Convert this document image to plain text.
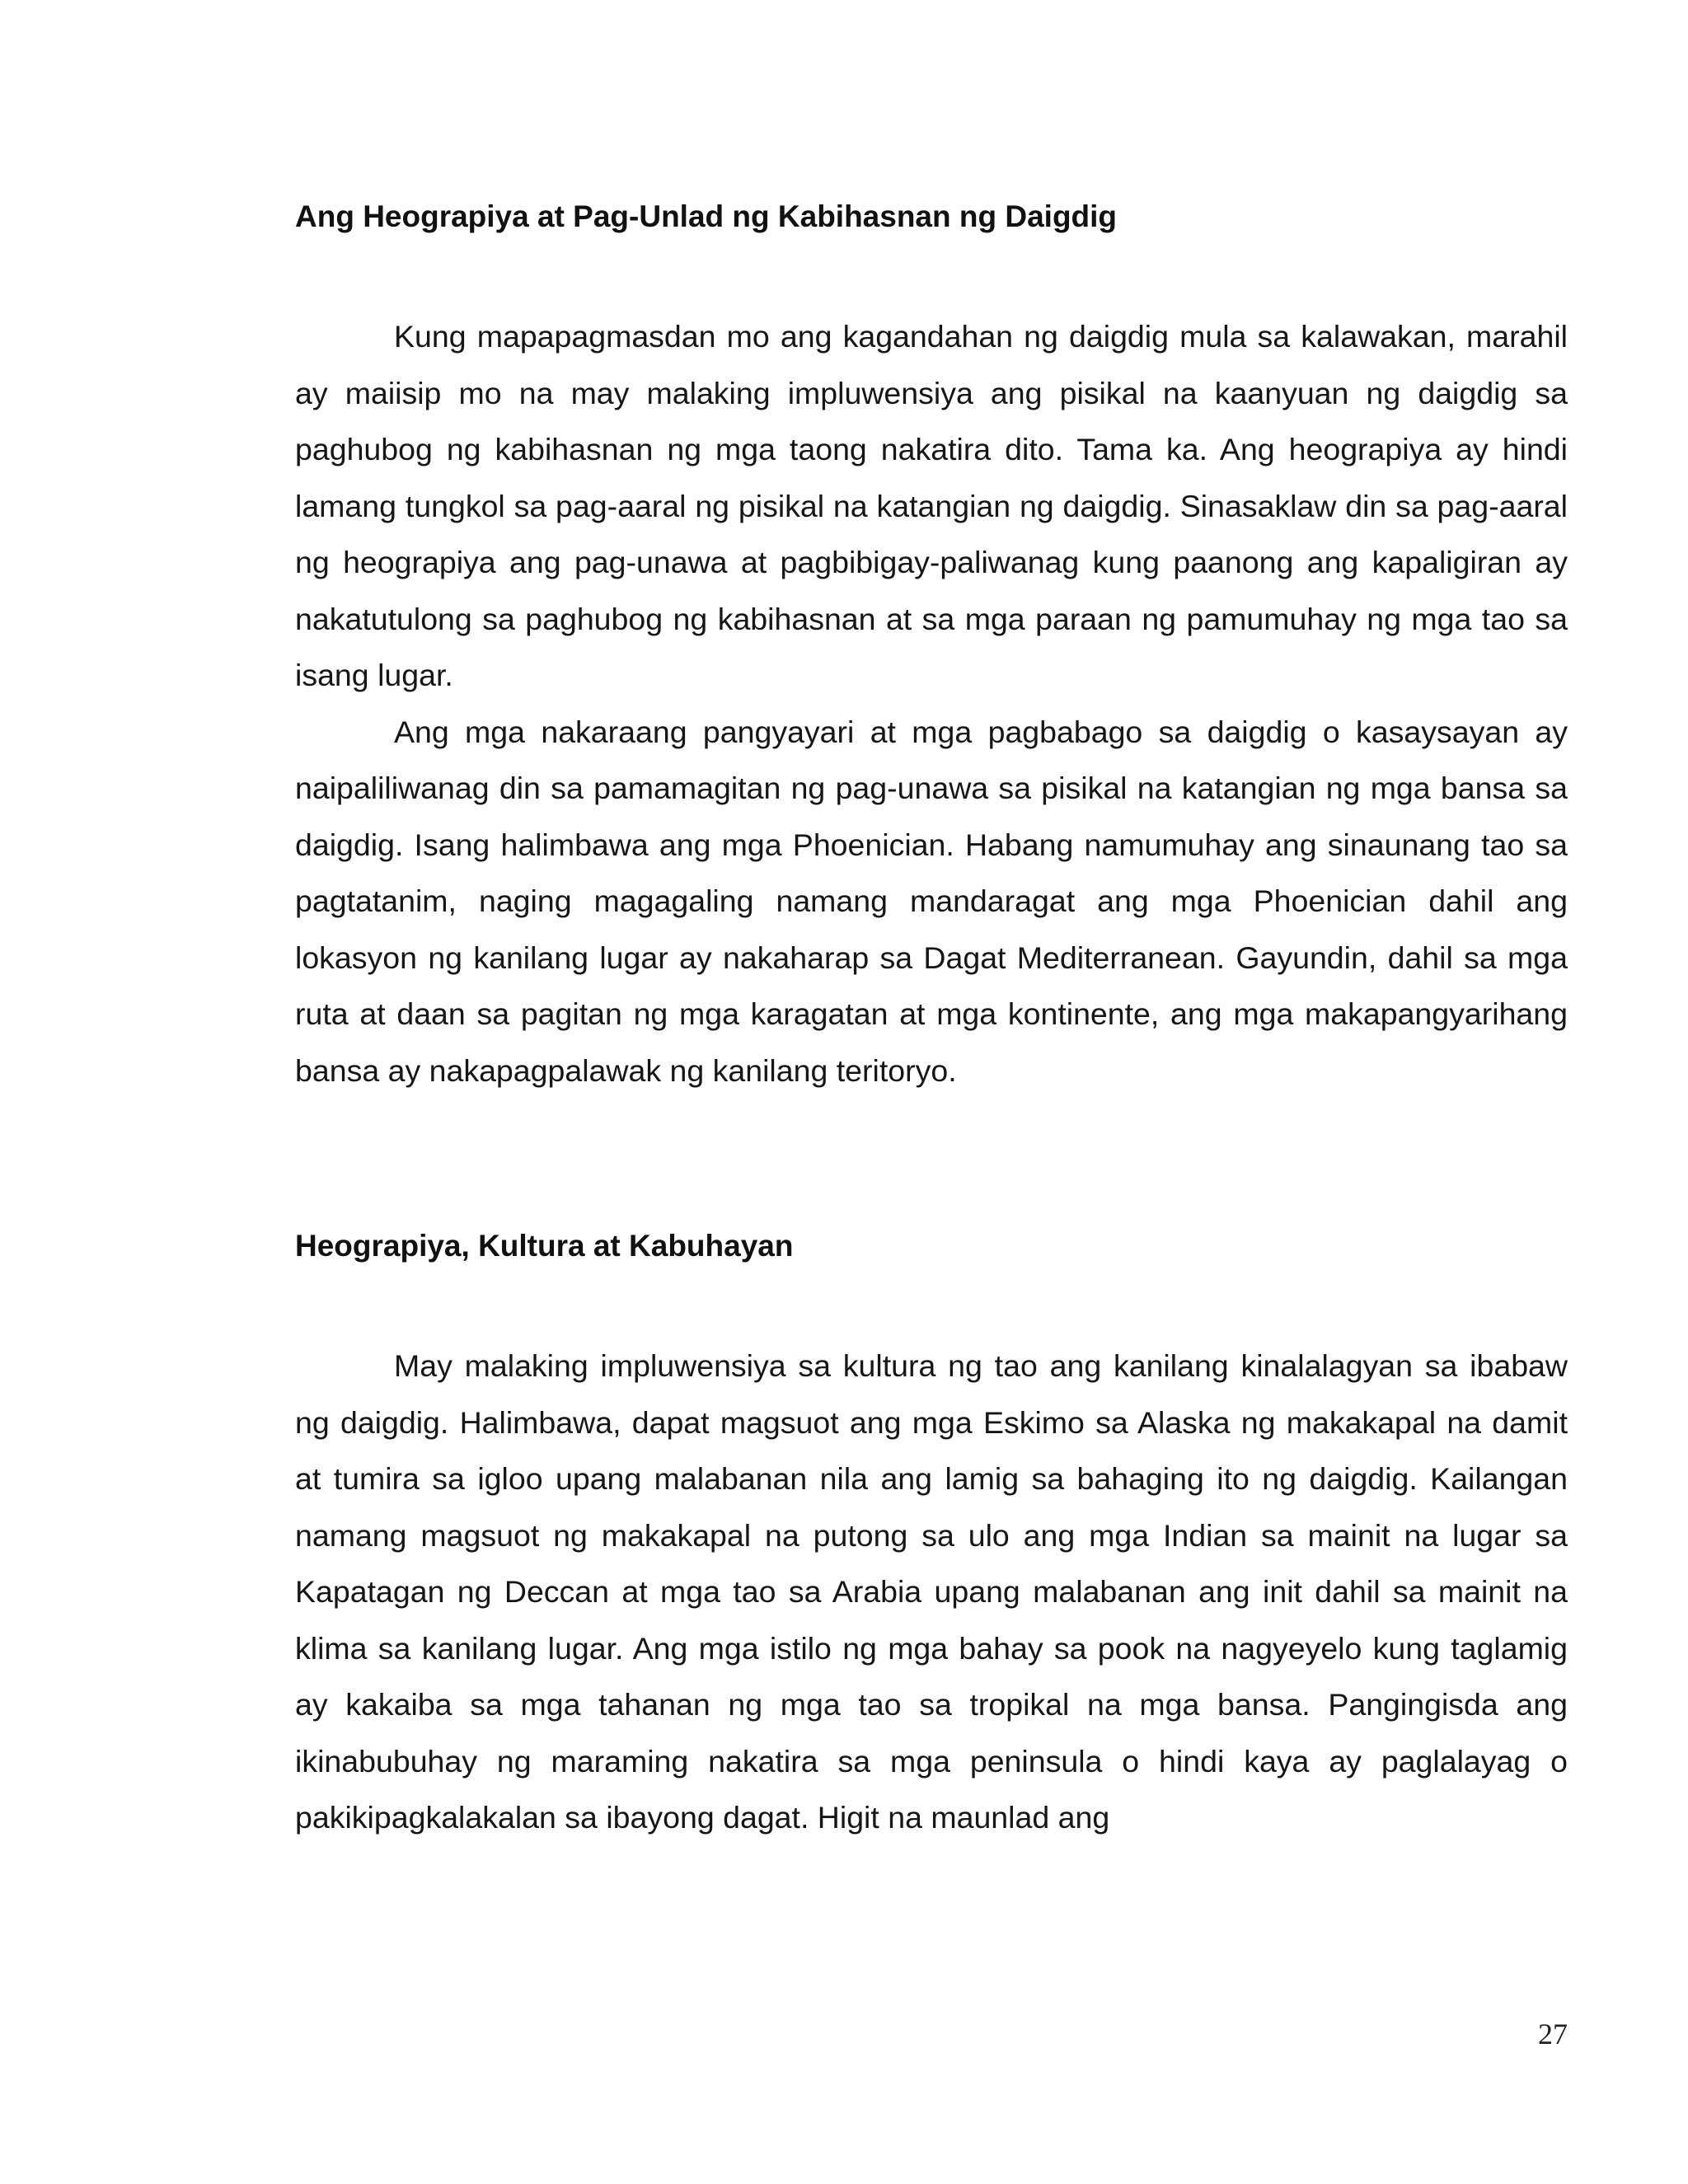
Ang Heograpiya at Pag-Unlad ng Kabihasnan ng Daigdig

Kung mapapagmasdan mo ang kagandahan ng daigdig mula sa kalawakan, marahil ay maiisip mo na may malaking impluwensiya ang pisikal na kaanyuan ng daigdig sa paghubog ng kabihasnan ng mga taong nakatira dito. Tama ka. Ang heograpiya ay hindi lamang tungkol sa pag-aaral ng pisikal na katangian ng daigdig. Sinasaklaw din sa pag-aaral ng heograpiya ang pag-unawa at pagbibigay-paliwanag kung paanong ang kapaligiran ay nakatutulong sa paghubog ng kabihasnan at sa mga paraan ng pamumuhay ng mga tao sa isang lugar.

Ang mga nakaraang pangyayari at mga pagbabago sa daigdig o kasaysayan ay naipaliliwanag din sa pamamagitan ng pag-unawa sa pisikal na katangian ng mga bansa sa daigdig. Isang halimbawa ang mga Phoenician. Habang namumuhay ang sinaunang tao sa pagtatanim, naging magagaling namang mandaragat ang mga Phoenician dahil ang lokasyon ng kanilang lugar ay nakaharap sa Dagat Mediterranean. Gayundin, dahil sa mga ruta at daan sa pagitan ng mga karagatan at mga kontinente, ang mga makapangyarihang bansa ay nakapagpalawak ng kanilang teritoryo.

Heograpiya, Kultura at Kabuhayan

May malaking impluwensiya sa kultura ng tao ang kanilang kinalalagyan sa ibabaw ng daigdig. Halimbawa, dapat magsuot ang mga Eskimo sa Alaska ng makakapal na damit at tumira sa igloo upang malabanan nila ang lamig sa bahaging ito ng daigdig. Kailangan namang magsuot ng makakapal na putong sa ulo ang mga Indian sa mainit na lugar sa Kapatagan ng Deccan at mga tao sa Arabia upang malabanan ang init dahil sa mainit na klima sa kanilang lugar. Ang mga istilo ng mga bahay sa pook na nagyeyelo kung taglamig ay kakaiba sa mga tahanan ng mga tao sa tropikal na mga bansa. Pangingisda ang ikinabubuhay ng maraming nakatira sa mga peninsula o hindi kaya ay paglalayag o pakikipagkalakalan sa ibayong dagat. Higit na maunlad ang

27
